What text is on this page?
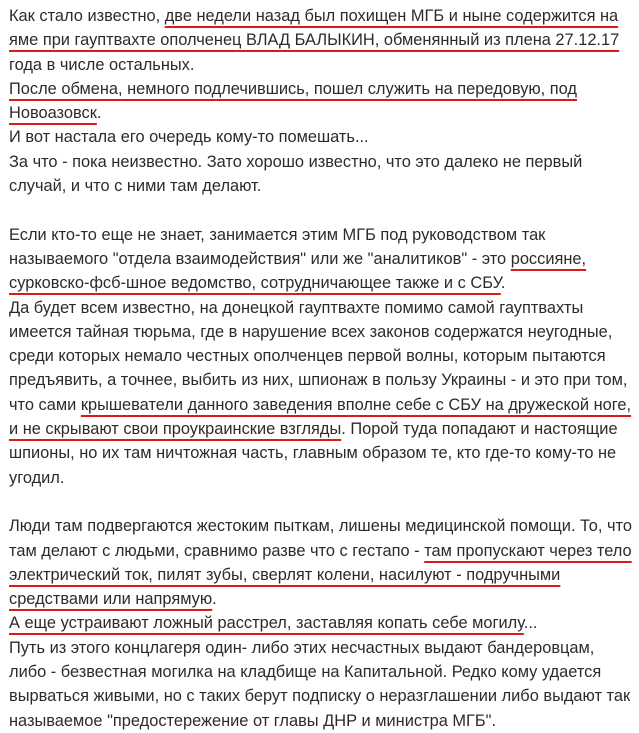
Как стало известно, две недели назад был похищен МГБ и ныне содержится на яме при гауптвахте ополченец ВЛАД БАЛЫКИН, обменянный из плена 27.12.17 года в числе остальных.

После обмена, немного подлечившись, пошел служить на передовую, под Новоазовск.

И вот настала его очередь кому-то помешать...

За что - пока неизвестно. Зато хорошо известно, что это далеко не первый случай, и что с ними там делают.

Если кто-то еще не знает, занимается этим МГБ под руководством так называемого "отдела взаимодействия" или же "аналитиков" - это россияне, сурковско-фсб-шное ведомство, сотрудничающее также и с СБУ.

Да будет всем известно, на донецкой гауптвахте помимо самой гауптвахты имеется тайная тюрьма, где в нарушение всех законов содержатся неугодные, среди которых немало честных ополченцев первой волны, которым пытаются предъявить, а точнее, выбить из них, шпионаж в пользу Украины - и это при том, что сами крышеватели данного заведения вполне себе с СБУ на дружеской ноге, и не скрывают свои проукраинские взгляды. Порой туда попадают и настоящие шпионы, но их там ничтожная часть, главным образом те, кто где-то кому-то не угодил.

Люди там подвергаются жестоким пыткам, лишены медицинской помощи. То, что там делают с людьми, сравнимо разве что с гестапо - там пропускают через тело электрический ток, пилят зубы, сверлят колени, насилуют - подручными средствами или напрямую.

А еще устраивают ложный расстрел, заставляя копать себе могилу...

Путь из этого концлагеря один- либо этих несчастных выдают бандеровцам, либо - безвестная могилка на кладбище на Капитальной. Редко кому удается вырваться живыми, но с таких берут подписку о неразглашении либо выдают так называемое "предостережение от главы ДНР и министра МГБ".
